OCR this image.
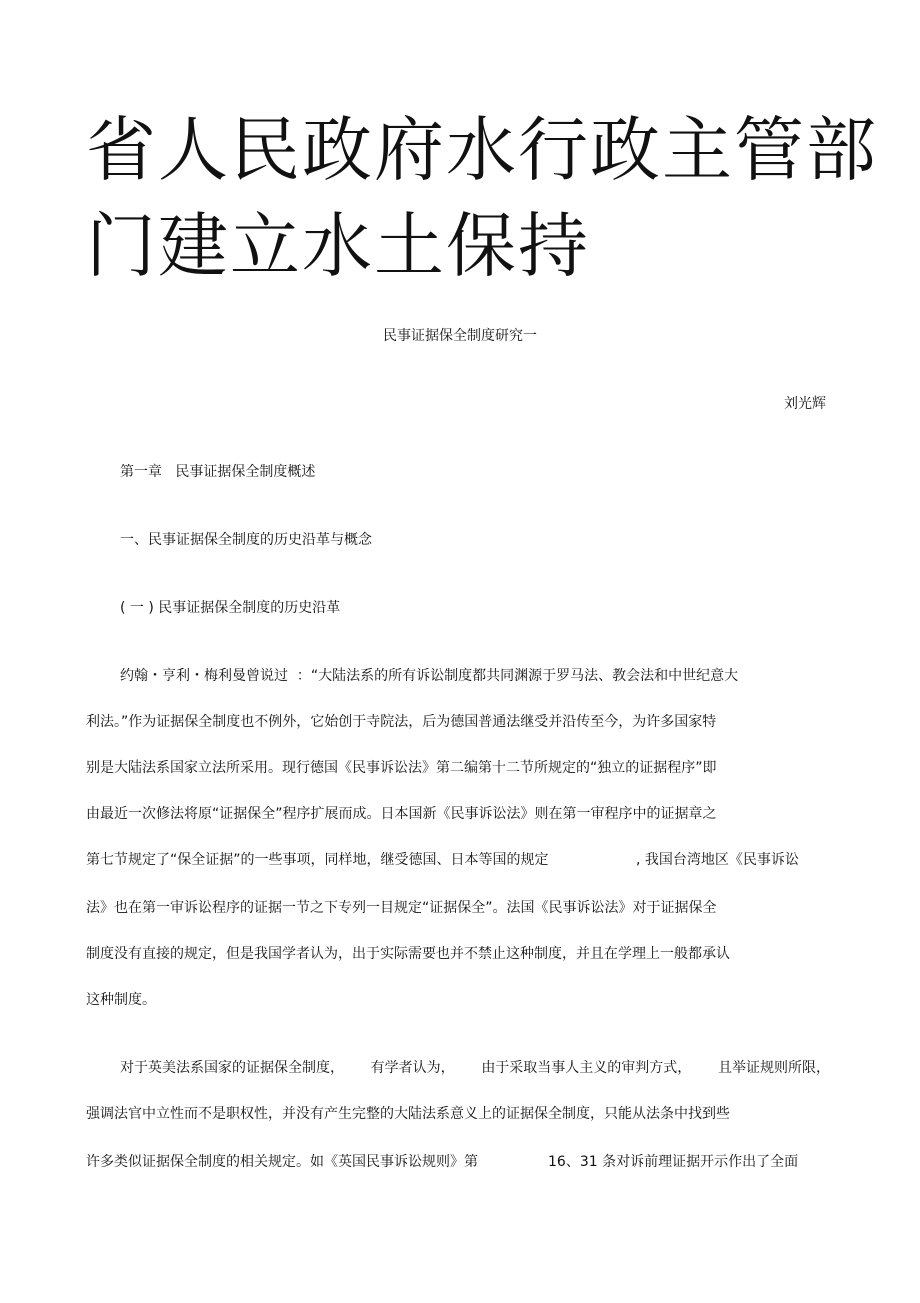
省人民政府水行政主管部
门建立水土保持
民事证据保全制度研究一
刘光辉
第一章   民事证据保全制度概述
一、民事证据保全制度的历史沿革与概念
( 一 ) 民事证据保全制度的历史沿革
约翰・亨利・梅利曼曾说过  ：“大陆法系的所有诉讼制度都共同渊源于罗马法、教会法和中世纪意大
利法。”作为证据保全制度也不例外，它始创于寺院法，后为德国普通法继受并沿传至今，为许多国家特
别是大陆法系国家立法所采用。现行德国《民事诉讼法》第二编第十二节所规定的“独立的证据程序”即
由最近一次修法将原“证据保全”程序扩展而成。日本国新《民事诉讼法》则在第一审程序中的证据章之
第七节规定了“保全证据”的一些事项，同样地，继受德国、日本等国的规定	, 我国台湾地区《民事诉讼
法》也在第一审诉讼程序的证据一节之下专列一目规定“证据保全”。法国《民事诉讼法》对于证据保全
制度没有直接的规定，但是我国学者认为，出于实际需要也并不禁止这种制度，并且在学理上一般都承认
这种制度。
对于英美法系国家的证据保全制度， 有学者认为， 由于采取当事人主义的审判方式， 且举证规则所限，
强调法官中立性而不是职权性，并没有产生完整的大陆法系意义上的证据保全制度，只能从法条中找到些
许多类似证据保全制度的相关规定。如《英国民事诉讼规则》第	16、31 条对诉前理证据开示作出了全面
